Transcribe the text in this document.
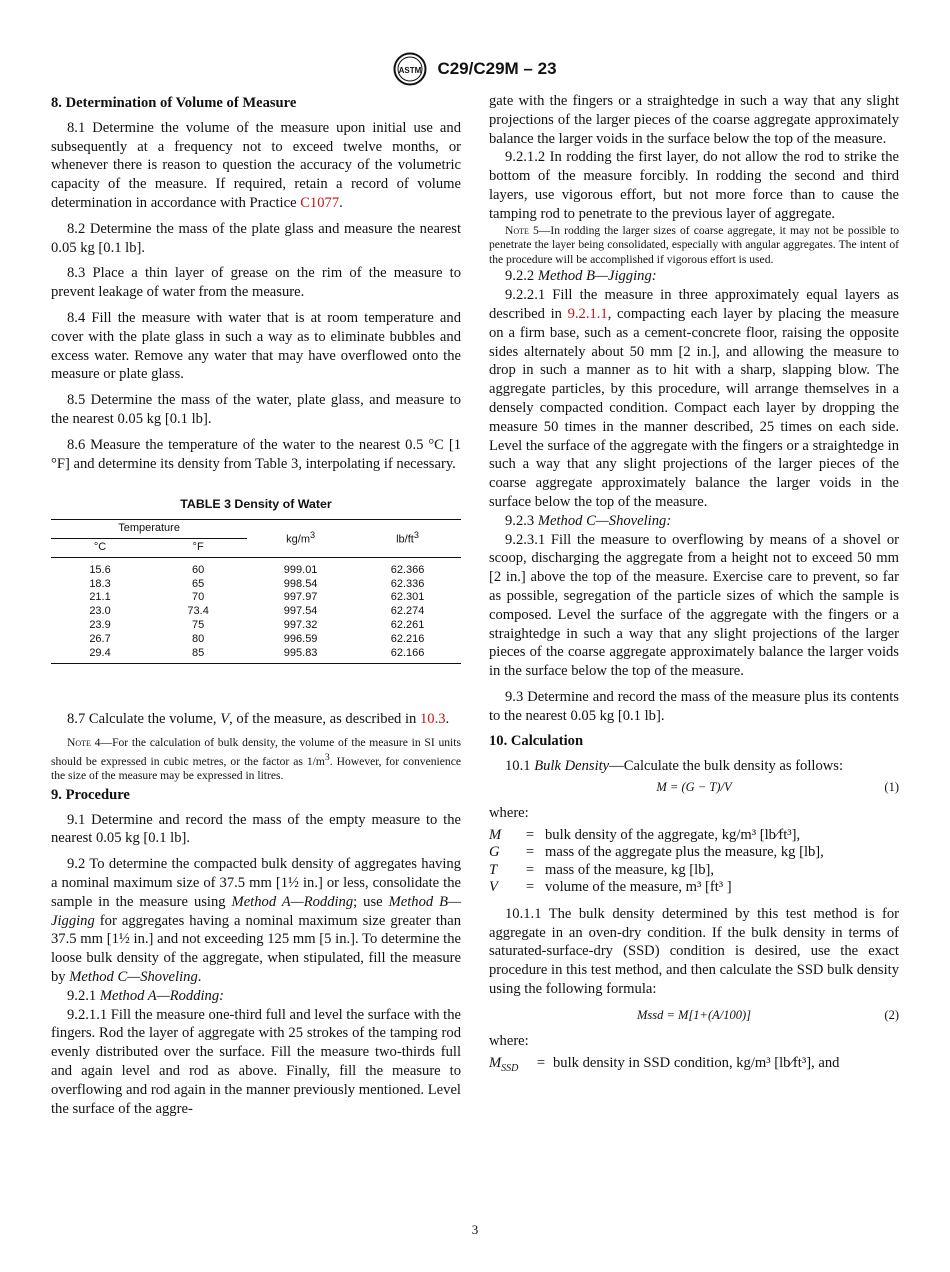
ASTM C29/C29M – 23
8. Determination of Volume of Measure

8.1 Determine the volume of the measure upon initial use and subsequently at a frequency not to exceed twelve months, or whenever there is reason to question the accuracy of the volumetric capacity of the measure. If required, retain a record of volume determination in accordance with Practice C1077.

8.2 Determine the mass of the plate glass and measure the nearest 0.05 kg [0.1 lb].

8.3 Place a thin layer of grease on the rim of the measure to prevent leakage of water from the measure.

8.4 Fill the measure with water that is at room temperature and cover with the plate glass in such a way as to eliminate bubbles and excess water. Remove any water that may have overflowed onto the measure or plate glass.

8.5 Determine the mass of the water, plate glass, and measure to the nearest 0.05 kg [0.1 lb].

8.6 Measure the temperature of the water to the nearest 0.5 °C [1 °F] and determine its density from Table 3, interpolating if necessary.

TABLE 3 Density of Water
Temperature		$kg/m^3$	$lb/ft^3$
°C	°F		
15.6	60	999.01	62.366
18.3	65	998.54	62.336
21.1	70	997.97	62.301
23.0	73.4	997.54	62.274
23.9	75	997.32	62.261
26.7	80	996.59	62.216
29.4	85	995.83	62.166

8.7 Calculate the volume, V, of the measure, as described in 10.3.

Note 4—For the calculation of bulk density, the volume of the measure in SI units should be expressed in cubic metres, or the factor as $1/m^3$. However, for convenience the size of the measure may be expressed in litres.

9. Procedure

9.1 Determine and record the mass of the empty measure to the nearest 0.05 kg [0.1 lb].

9.2 To determine the compacted bulk density of aggregates having a nominal maximum size of 37.5 mm [1½ in.] or less, consolidate the sample in the measure using Method A—Rodding; use Method B—Jigging for aggregates having a nominal maximum size greater than 37.5 mm [1½ in.] and not exceeding 125 mm [5 in.]. To determine the loose bulk density of the aggregate, when stipulated, fill the measure by Method C—Shoveling.

9.2.1 Method A—Rodding:

9.2.1.1 Fill the measure one-third full and level the surface with the fingers. Rod the layer of aggregate with 25 strokes of the tamping rod evenly distributed over the surface. Fill the measure two-thirds full and again level and rod as above. Finally, fill the measure to overflowing and rod again in the manner previously mentioned. Level the surface of the aggre-

gate with the fingers or a straightedge in such a way that any slight projections of the larger pieces of the coarse aggregate approximately balance the larger voids in the surface below the top of the measure.

9.2.1.2 In rodding the first layer, do not allow the rod to strike the bottom of the measure forcibly. In rodding the second and third layers, use vigorous effort, but not more force than to cause the tamping rod to penetrate to the previous layer of aggregate.

Note 5—In rodding the larger sizes of coarse aggregate, it may not be possible to penetrate the layer being consolidated, especially with angular aggregates. The intent of the procedure will be accomplished if vigorous effort is used.

9.2.2 Method B—Jigging:

9.2.2.1 Fill the measure in three approximately equal layers as described in 9.2.1.1, compacting each layer by placing the measure on a firm base, such as a cement-concrete floor, raising the opposite sides alternately about 50 mm [2 in.], and allowing the measure to drop in such a manner as to hit with a sharp, slapping blow. The aggregate particles, by this procedure, will arrange themselves in a densely compacted condition. Compact each layer by dropping the measure 50 times in the manner described, 25 times on each side. Level the surface of the aggregate with the fingers or a straightedge in such a way that any slight projections of the larger pieces of the coarse aggregate approximately balance the larger voids in the surface below the top of the measure.

9.2.3 Method C—Shoveling:

9.2.3.1 Fill the measure to overflowing by means of a shovel or scoop, discharging the aggregate from a height not to exceed 50 mm [2 in.] above the top of the measure. Exercise care to prevent, so far as possible, segregation of the particle sizes of which the sample is composed. Level the surface of the aggregate with the fingers or a straightedge in such a way that any slight projections of the larger pieces of the coarse aggregate approximately balance the larger voids in the surface below the top of the measure.

9.3 Determine and record the mass of the measure plus its contents to the nearest 0.05 kg [0.1 lb].

10. Calculation

10.1 Bulk Density—Calculate the bulk density as follows:

M = (G − T)/V	(1)

where:

M	= bulk density of the aggregate, kg/m³ [lb⁄ft³],
G	= mass of the aggregate plus the measure, kg [lb],
T	= mass of the measure, kg [lb],
V	= volume of the measure, m³ [ft³ ]

10.1.1 The bulk density determined by this test method is for aggregate in an oven-dry condition. If the bulk density in terms of saturated-surface-dry (SSD) condition is desired, use the exact procedure in this test method, and then calculate the SSD bulk density using the following formula:

Mssd = M[1+(A/100)]	(2)

where:

$M_{SSD}$	= bulk density in SSD condition, kg/m³ [lb⁄ft³], and
3
